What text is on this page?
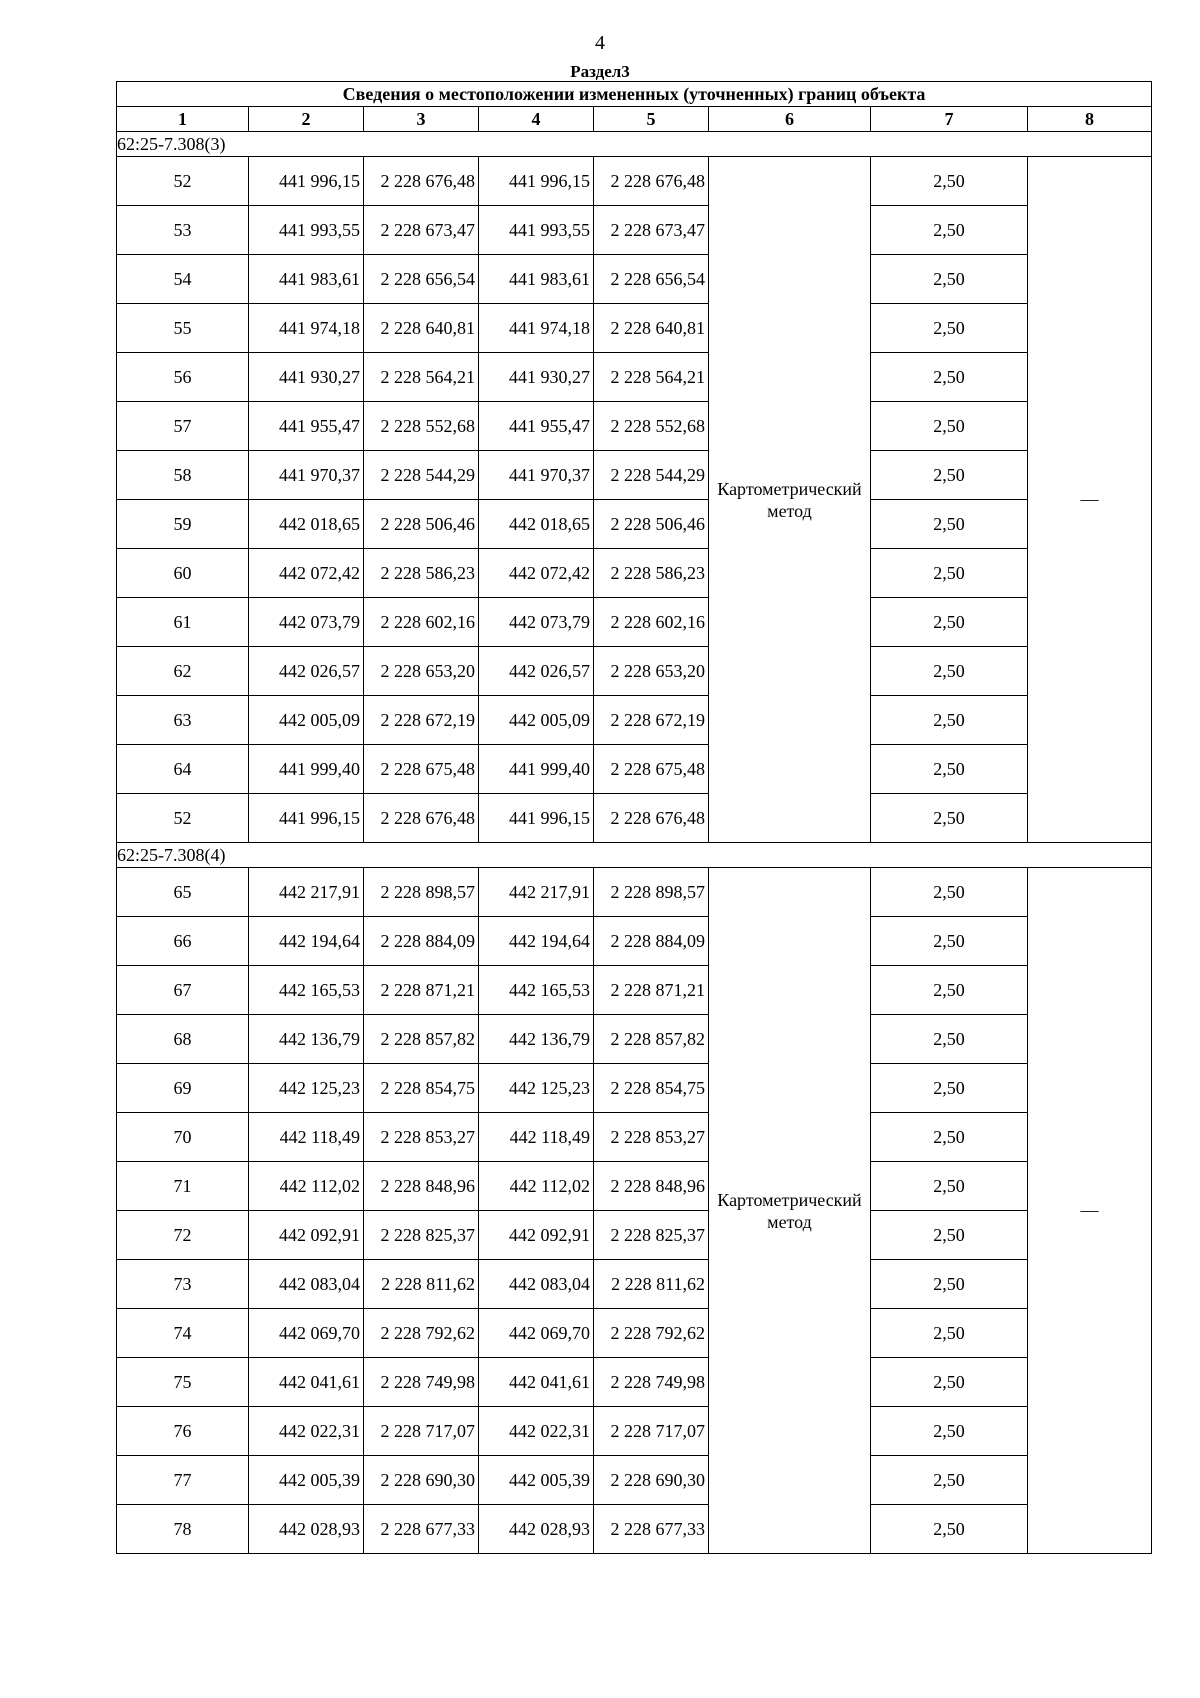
4
Раздел3
Сведения о местоположении измененных (уточненных) границ объекта							
1	2	3	4	5	6	7	8
62:25-7.308(3)							
52	441 996,15	2 228 676,48	441 996,15	2 228 676,48	Картометрический метод	2,50	—
53	441 993,55	2 228 673,47	441 993,55	2 228 673,47		2,50	
54	441 983,61	2 228 656,54	441 983,61	2 228 656,54		2,50	
55	441 974,18	2 228 640,81	441 974,18	2 228 640,81		2,50	
56	441 930,27	2 228 564,21	441 930,27	2 228 564,21		2,50	
57	441 955,47	2 228 552,68	441 955,47	2 228 552,68		2,50	
58	441 970,37	2 228 544,29	441 970,37	2 228 544,29		2,50	
59	442 018,65	2 228 506,46	442 018,65	2 228 506,46		2,50	
60	442 072,42	2 228 586,23	442 072,42	2 228 586,23		2,50	
61	442 073,79	2 228 602,16	442 073,79	2 228 602,16		2,50	
62	442 026,57	2 228 653,20	442 026,57	2 228 653,20		2,50	
63	442 005,09	2 228 672,19	442 005,09	2 228 672,19		2,50	
64	441 999,40	2 228 675,48	441 999,40	2 228 675,48		2,50	
52	441 996,15	2 228 676,48	441 996,15	2 228 676,48		2,50	
62:25-7.308(4)							
65	442 217,91	2 228 898,57	442 217,91	2 228 898,57	Картометрический метод	2,50	—
66	442 194,64	2 228 884,09	442 194,64	2 228 884,09		2,50	
67	442 165,53	2 228 871,21	442 165,53	2 228 871,21		2,50	
68	442 136,79	2 228 857,82	442 136,79	2 228 857,82		2,50	
69	442 125,23	2 228 854,75	442 125,23	2 228 854,75		2,50	
70	442 118,49	2 228 853,27	442 118,49	2 228 853,27		2,50	
71	442 112,02	2 228 848,96	442 112,02	2 228 848,96		2,50	
72	442 092,91	2 228 825,37	442 092,91	2 228 825,37		2,50	
73	442 083,04	2 228 811,62	442 083,04	2 228 811,62		2,50	
74	442 069,70	2 228 792,62	442 069,70	2 228 792,62		2,50	
75	442 041,61	2 228 749,98	442 041,61	2 228 749,98		2,50	
76	442 022,31	2 228 717,07	442 022,31	2 228 717,07		2,50	
77	442 005,39	2 228 690,30	442 005,39	2 228 690,30		2,50	
78	442 028,93	2 228 677,33	442 028,93	2 228 677,33		2,50	
